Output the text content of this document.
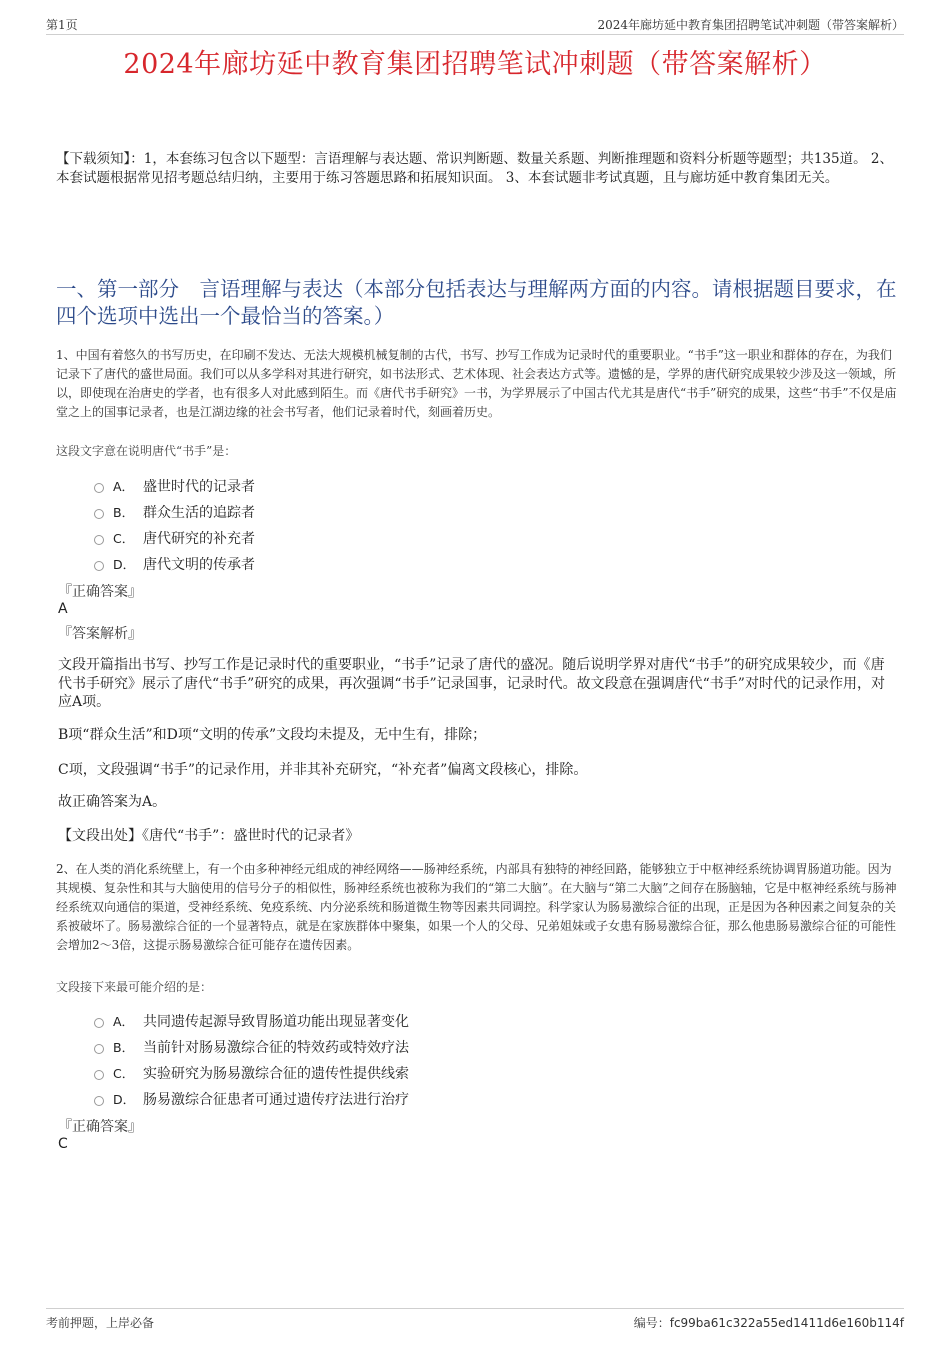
第1页	2024年廊坊延中教育集团招聘笔试冲刺题（带答案解析）
2024年廊坊延中教育集团招聘笔试冲刺题（带答案解析）
【下载须知】：1，本套练习包含以下题型：言语理解与表达题、常识判断题、数量关系题、判断推理题和资料分析题等题型；共135道。 2、本套试题根据常见招考题总结归纳，主要用于练习答题思路和拓展知识面。 3、本套试题非考试真题，且与廊坊延中教育集团无关。
一、第一部分　言语理解与表达（本部分包括表达与理解两方面的内容。请根据题目要求，在四个选项中选出一个最恰当的答案。）
1、中国有着悠久的书写历史，在印刷不发达、无法大规模机械复制的古代，书写、抄写工作成为记录时代的重要职业。“书手”这一职业和群体的存在，为我们记录下了唐代的盛世局面。我们可以从多学科对其进行研究，如书法形式、艺术体现、社会表达方式等。遗憾的是，学界的唐代研究成果较少涉及这一领域，所以，即使现在治唐史的学者，也有很多人对此感到陌生。而《唐代书手研究》一书，为学界展示了中国古代尤其是唐代“书手”研究的成果，这些“书手”不仅是庙堂之上的国事记录者，也是江湖边缘的社会书写者，他们记录着时代，刻画着历史。
这段文字意在说明唐代“书手”是：
A． 盛世时代的记录者
B． 群众生活的追踪者
C． 唐代研究的补充者
D． 唐代文明的传承者
『正确答案』
A
『答案解析』
文段开篇指出书写、抄写工作是记录时代的重要职业，“书手”记录了唐代的盛况。随后说明学界对唐代“书手”的研究成果较少，而《唐代书手研究》展示了唐代“书手”研究的成果，再次强调“书手”记录国事，记录时代。故文段意在强调唐代“书手”对时代的记录作用，对应A项。
B项“群众生活”和D项“文明的传承”文段均未提及，无中生有，排除；
C项，文段强调“书手”的记录作用，并非其补充研究，“补充者”偏离文段核心，排除。
故正确答案为A。
【文段出处】《唐代“书手”：盛世时代的记录者》
2、在人类的消化系统壁上，有一个由多种神经元组成的神经网络——肠神经系统，内部具有独特的神经回路，能够独立于中枢神经系统协调胃肠道功能。因为其规模、复杂性和其与大脑使用的信号分子的相似性，肠神经系统也被称为我们的“第二大脑”。在大脑与“第二大脑”之间存在肠脑轴，它是中枢神经系统与肠神经系统双向通信的渠道，受神经系统、免疫系统、内分泌系统和肠道微生物等因素共同调控。科学家认为肠易激综合征的出现，正是因为各种因素之间复杂的关系被破坏了。肠易激综合征的一个显著特点，就是在家族群体中聚集，如果一个人的父母、兄弟姐妹或子女患有肠易激综合征，那么他患肠易激综合征的可能性会增加2～3倍，这提示肠易激综合征可能存在遗传因素。
文段接下来最可能介绍的是：
A． 共同遗传起源导致胃肠道功能出现显著变化
B． 当前针对肠易激综合征的特效药或特效疗法
C． 实验研究为肠易激综合征的遗传性提供线索
D． 肠易激综合征患者可通过遗传疗法进行治疗
『正确答案』
C
考前押题，上岸必备	编号：fc99ba61c322a55ed1411d6e160b114f
